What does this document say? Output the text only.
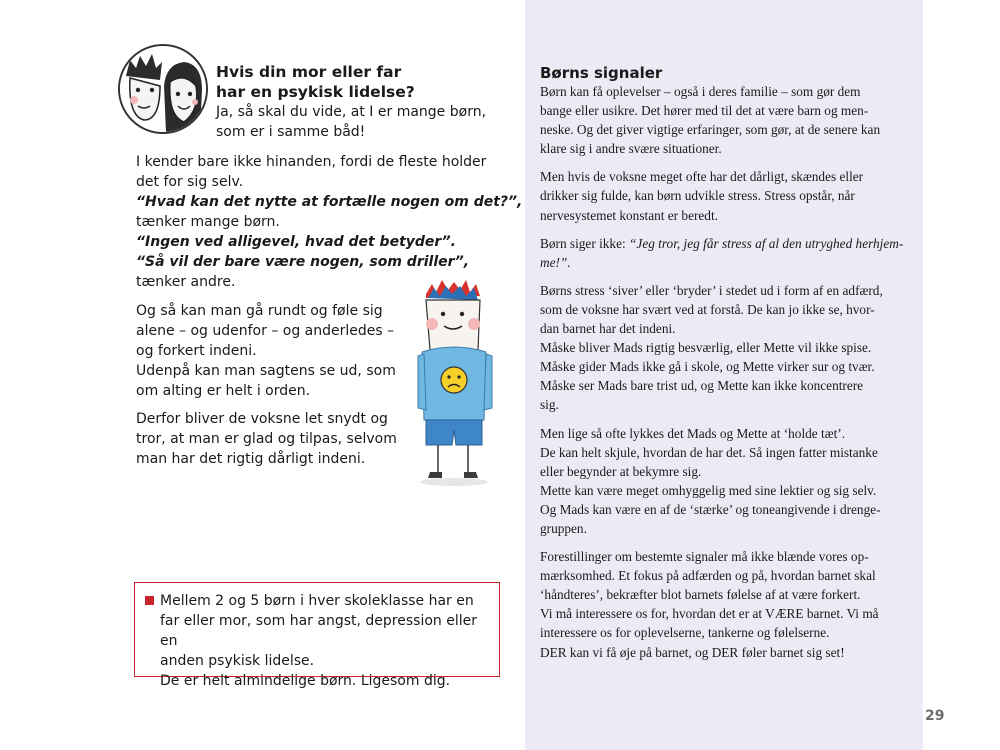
Hvis din mor eller far
har en psykisk lidelse?
Ja, så skal du vide, at I er mange børn,
som er i samme båd!
I kender bare ikke hinanden, fordi de fleste holder
det for sig selv.
“Hvad kan det nytte at fortælle nogen om det?”,
tænker mange børn.
“Ingen ved alligevel, hvad det betyder”.
“Så vil der bare være nogen, som driller”,
tænker andre.
Og så kan man gå rundt og føle sig
alene – og udenfor – og anderledes –
og forkert indeni.
Udenpå kan man sagtens se ud, som
om alting er helt i orden.
Derfor bliver de voksne let snydt og
tror, at man er glad og tilpas, selvom
man har det rigtig dårligt indeni.
Mellem 2 og 5 børn i hver skoleklasse har en
far eller mor, som har angst, depression eller en
anden psykisk lidelse.
De er helt almindelige børn. Ligesom dig.
Børns signaler

Børn kan få oplevelser – også i deres familie – som gør dem
bange eller usikre. Det hører med til det at være barn og men-
neske. Og det giver vigtige erfaringer, som gør, at de senere kan
klare sig i andre svære situationer.

Men hvis de voksne meget ofte har det dårligt, skændes eller
drikker sig fulde, kan børn udvikle stress. Stress opstår, når
nervesystemet konstant er beredt.

Børn siger ikke: “Jeg tror, jeg får stress af al den utryghed herhjem-
me!”.

Børns stress ‘siver’ eller ‘bryder’ i stedet ud i form af en adfærd,
som de voksne har svært ved at forstå. De kan jo ikke se, hvor-
dan barnet har det indeni.
Måske bliver Mads rigtig besværlig, eller Mette vil ikke spise.
Måske gider Mads ikke gå i skole, og Mette virker sur og tvær.
Måske ser Mads bare trist ud, og Mette kan ikke koncentrere
sig.

Men lige så ofte lykkes det Mads og Mette at ‘holde tæt’.
De kan helt skjule, hvordan de har det. Så ingen fatter mistanke
eller begynder at bekymre sig.
Mette kan være meget omhyggelig med sine lektier og sig selv.
Og Mads kan være en af de ‘stærke’ og toneangivende i drenge-
gruppen.

Forestillinger om bestemte signaler må ikke blænde vores op-
mærksomhed. Et fokus på adfærden og på, hvordan barnet skal
‘håndteres’, bekræfter blot barnets følelse af at være forkert.
Vi må interessere os for, hvordan det er at VÆRE barnet. Vi må
interessere os for oplevelserne, tankerne og følelserne.
DER kan vi få øje på barnet, og DER føler barnet sig set!

29
